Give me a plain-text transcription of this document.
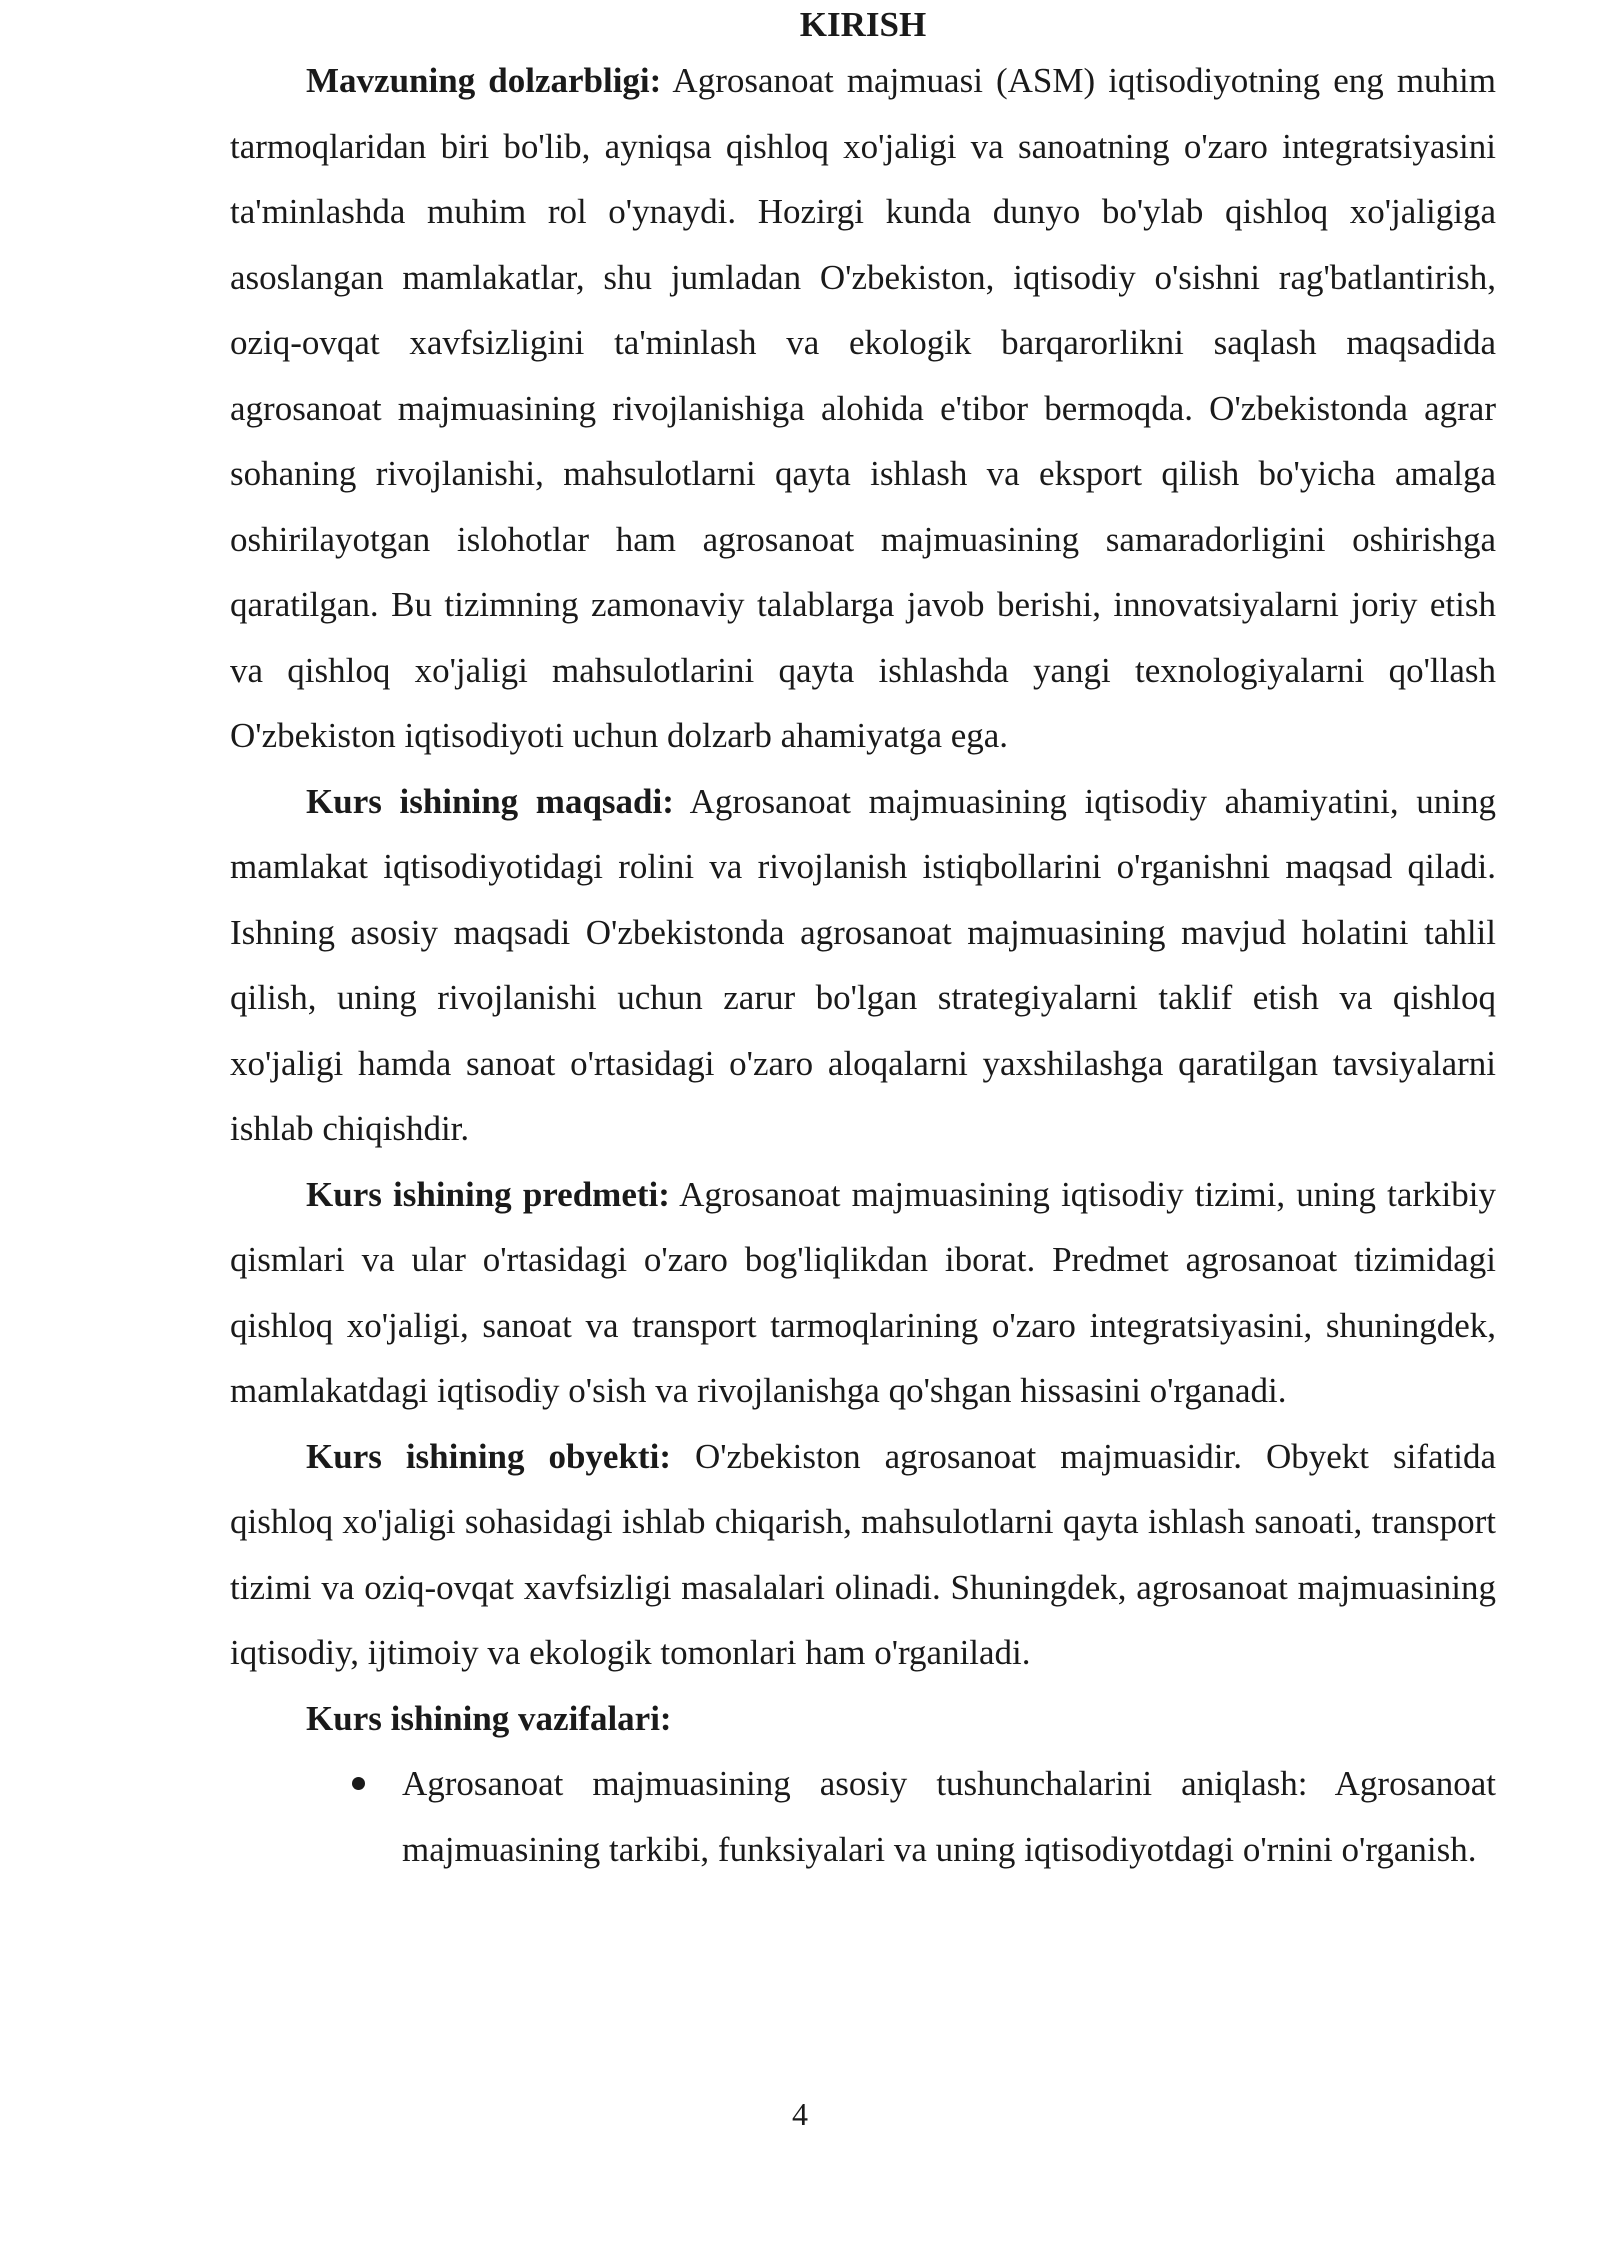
KIRISH

Mavzuning dolzarbligi: Agrosanoat majmuasi (ASM) iqtisodiyotning eng muhim tarmoqlaridan biri bo'lib, ayniqsa qishloq xo'jaligi va sanoatning o'zaro integratsiyasini ta'minlashda muhim rol o'ynaydi. Hozirgi kunda dunyo bo'ylab qishloq xo'jaligiga asoslangan mamlakatlar, shu jumladan O'zbekiston, iqtisodiy o'sishni rag'batlantirish, oziq-ovqat xavfsizligini ta'minlash va ekologik barqarorlikni saqlash maqsadida agrosanoat majmuasining rivojlanishiga alohida e'tibor bermoqda. O'zbekistonda agrar sohaning rivojlanishi, mahsulotlarni qayta ishlash va eksport qilish bo'yicha amalga oshirilayotgan islohotlar ham agrosanoat majmuasining samaradorligini oshirishga qaratilgan. Bu tizimning zamonaviy talablarga javob berishi, innovatsiyalarni joriy etish va qishloq xo'jaligi mahsulotlarini qayta ishlashda yangi texnologiyalarni qo'llash O'zbekiston iqtisodiyoti uchun dolzarb ahamiyatga ega.

Kurs ishining maqsadi: Agrosanoat majmuasining iqtisodiy ahamiyatini, uning mamlakat iqtisodiyotidagi rolini va rivojlanish istiqbollarini o'rganishni maqsad qiladi. Ishning asosiy maqsadi O'zbekistonda agrosanoat majmuasining mavjud holatini tahlil qilish, uning rivojlanishi uchun zarur bo'lgan strategiyalarni taklif etish va qishloq xo'jaligi hamda sanoat o'rtasidagi o'zaro aloqalarni yaxshilashga qaratilgan tavsiyalarni ishlab chiqishdir.

Kurs ishining predmeti: Agrosanoat majmuasining iqtisodiy tizimi, uning tarkibiy qismlari va ular o'rtasidagi o'zaro bog'liqlikdan iborat. Predmet agrosanoat tizimidagi qishloq xo'jaligi, sanoat va transport tarmoqlarining o'zaro integratsiyasini, shuningdek, mamlakatdagi iqtisodiy o'sish va rivojlanishga qo'shgan hissasini o'rganadi.

Kurs ishining obyekti: O'zbekiston agrosanoat majmuasidir. Obyekt sifatida qishloq xo'jaligi sohasidagi ishlab chiqarish, mahsulotlarni qayta ishlash sanoati, transport tizimi va oziq-ovqat xavfsizligi masalalari olinadi. Shuningdek, agrosanoat majmuasining iqtisodiy, ijtimoiy va ekologik tomonlari ham o'rganiladi.

Kurs ishining vazifalari:

Agrosanoat majmuasining asosiy tushunchalarini aniqlash: Agrosanoat majmuasining tarkibi, funksiyalari va uning iqtisodiyotdagi o'rnini o'rganish.
4
